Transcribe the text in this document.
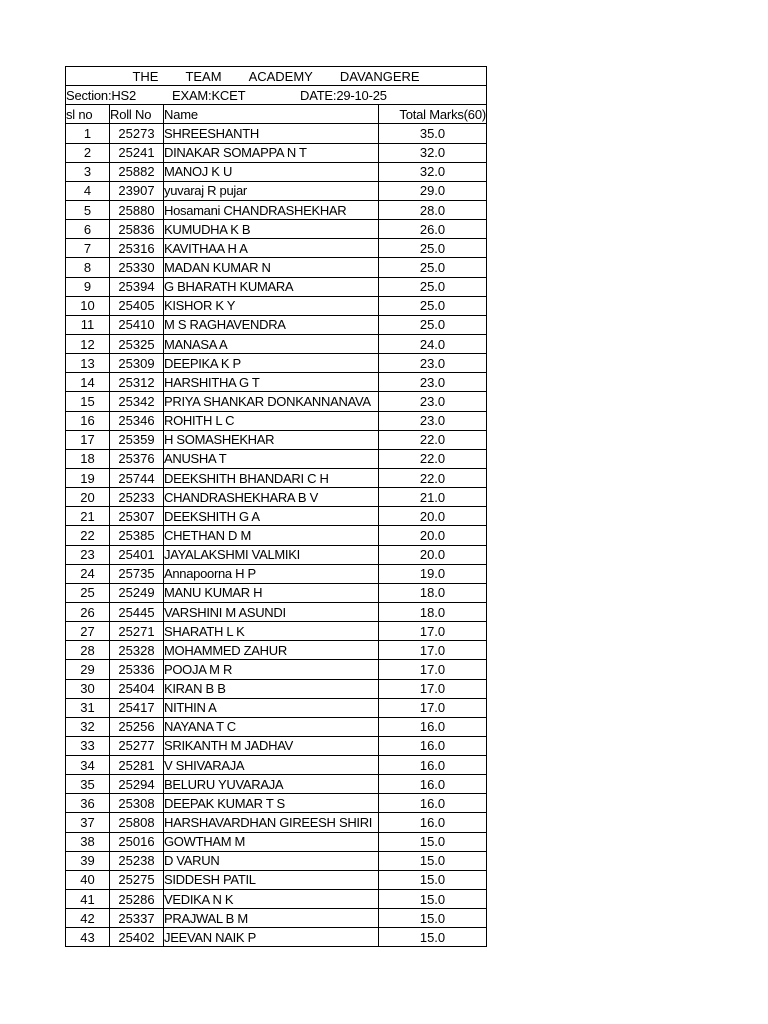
THE TEAM ACADEMY DAVANGERE			
Section:HS2 EXAM:KCET DATE:29-10-25			
sl no	Roll No	Name	Total Marks(60)
1	25273	SHREESHANTH	35.0
2	25241	DINAKAR SOMAPPA N T	32.0
3	25882	MANOJ K U	32.0
4	23907	yuvaraj R pujar	29.0
5	25880	Hosamani CHANDRASHEKHAR	28.0
6	25836	KUMUDHA K B	26.0
7	25316	KAVITHAA H A	25.0
8	25330	MADAN KUMAR N	25.0
9	25394	G BHARATH KUMARA	25.0
10	25405	KISHOR K Y	25.0
11	25410	M S RAGHAVENDRA	25.0
12	25325	MANASA A	24.0
13	25309	DEEPIKA K P	23.0
14	25312	HARSHITHA G T	23.0
15	25342	PRIYA SHANKAR DONKANNANAVA	23.0
16	25346	ROHITH L C	23.0
17	25359	H SOMASHEKHAR	22.0
18	25376	ANUSHA T	22.0
19	25744	DEEKSHITH BHANDARI C H	22.0
20	25233	CHANDRASHEKHARA B V	21.0
21	25307	DEEKSHITH G A	20.0
22	25385	CHETHAN D M	20.0
23	25401	JAYALAKSHMI VALMIKI	20.0
24	25735	Annapoorna H P	19.0
25	25249	MANU KUMAR H	18.0
26	25445	VARSHINI M ASUNDI	18.0
27	25271	SHARATH L K	17.0
28	25328	MOHAMMED ZAHUR	17.0
29	25336	POOJA M R	17.0
30	25404	KIRAN B B	17.0
31	25417	NITHIN A	17.0
32	25256	NAYANA T C	16.0
33	25277	SRIKANTH M JADHAV	16.0
34	25281	V SHIVARAJA	16.0
35	25294	BELURU YUVARAJA	16.0
36	25308	DEEPAK KUMAR T S	16.0
37	25808	HARSHAVARDHAN GIREESH SHIRI	16.0
38	25016	GOWTHAM M	15.0
39	25238	D VARUN	15.0
40	25275	SIDDESH PATIL	15.0
41	25286	VEDIKA N K	15.0
42	25337	PRAJWAL B M	15.0
43	25402	JEEVAN NAIK P	15.0
